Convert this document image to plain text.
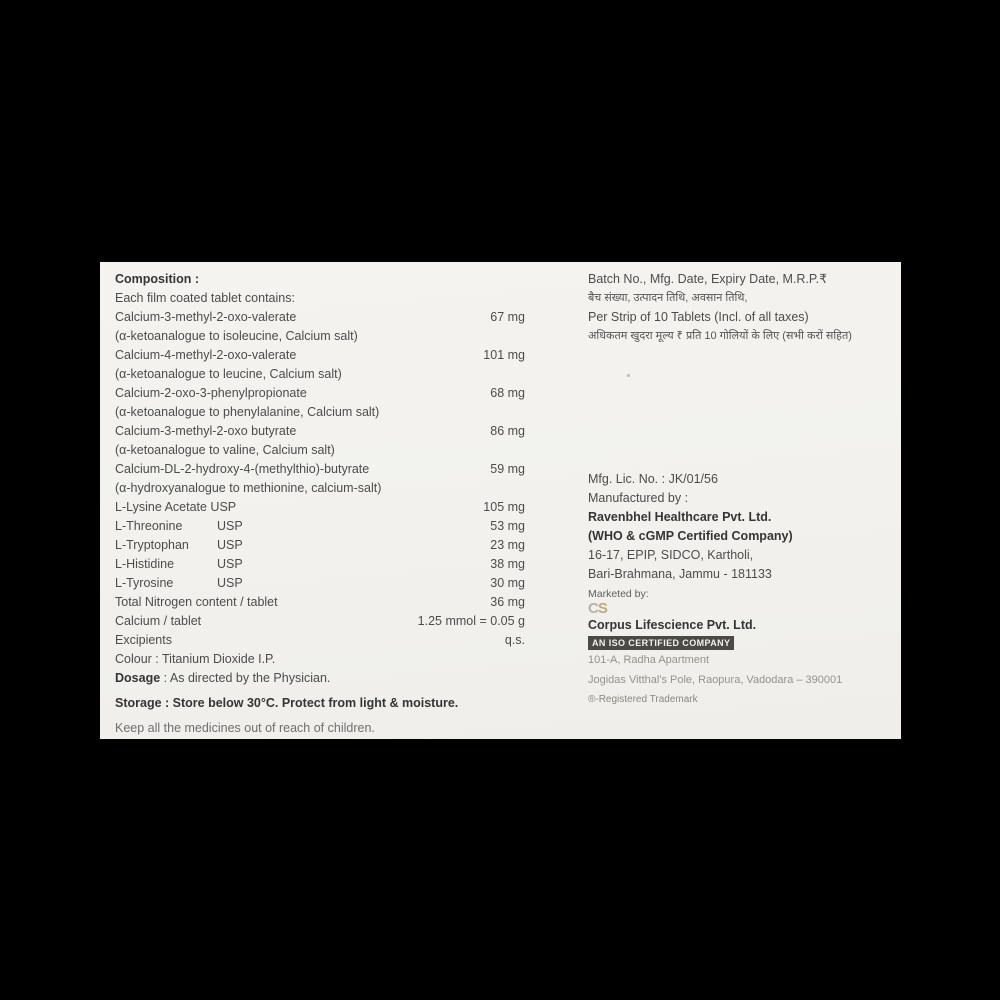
Composition :
Each film coated tablet contains:
Calcium-3-methyl-2-oxo-valerate	67 mg
(α-ketoanalogue to isoleucine, Calcium salt)
Calcium-4-methyl-2-oxo-valerate	101 mg
(α-ketoanalogue to leucine, Calcium salt)
Calcium-2-oxo-3-phenylpropionate	68 mg
(α-ketoanalogue to phenylalanine, Calcium salt)
Calcium-3-methyl-2-oxo butyrate	86 mg
(α-ketoanalogue to valine, Calcium salt)
Calcium-DL-2-hydroxy-4-(methylthio)-butyrate	59 mg
(α-hydroxyanalogue to methionine, calcium-salt)
L-Lysine Acetate USP	105 mg
L-Threonine	USP	53 mg
L-Tryptophan USP	23 mg
L-Histidine	USP	38 mg
L-Tyrosine	USP	30 mg
Total Nitrogen content / tablet	36 mg
Calcium / tablet	1.25 mmol = 0.05 g
Excipients	q.s.
Colour : Titanium Dioxide I.P.
Dosage : As directed by the Physician.
Storage : Store below 30°C. Protect from light & moisture.
Keep all the medicines out of reach of children.
Batch No., Mfg. Date, Expiry Date, M.R.P.₹
बैच संख्या, उत्पादन तिथि, अवसान तिथि,
Per Strip of 10 Tablets (Incl. of all taxes)
अधिकतम खुदरा मूल्य ₹ प्रति 10 गोलियों के लिए (सभी करों सहित)
Mfg. Lic. No. : JK/01/56
Manufactured by :
Ravenbhel Healthcare Pvt. Ltd.
(WHO & cGMP Certified Company)
16-17, EPIP, SIDCO, Kartholi,
Bari-Brahmana, Jammu - 181133
Marketed by:
CS
Corpus Lifescience Pvt. Ltd.
AN ISO CERTIFIED COMPANY
101-A, Radha Apartment
Jogidas Vitthal's Pole, Raopura, Vadodara – 390001
®-Registered Trademark
